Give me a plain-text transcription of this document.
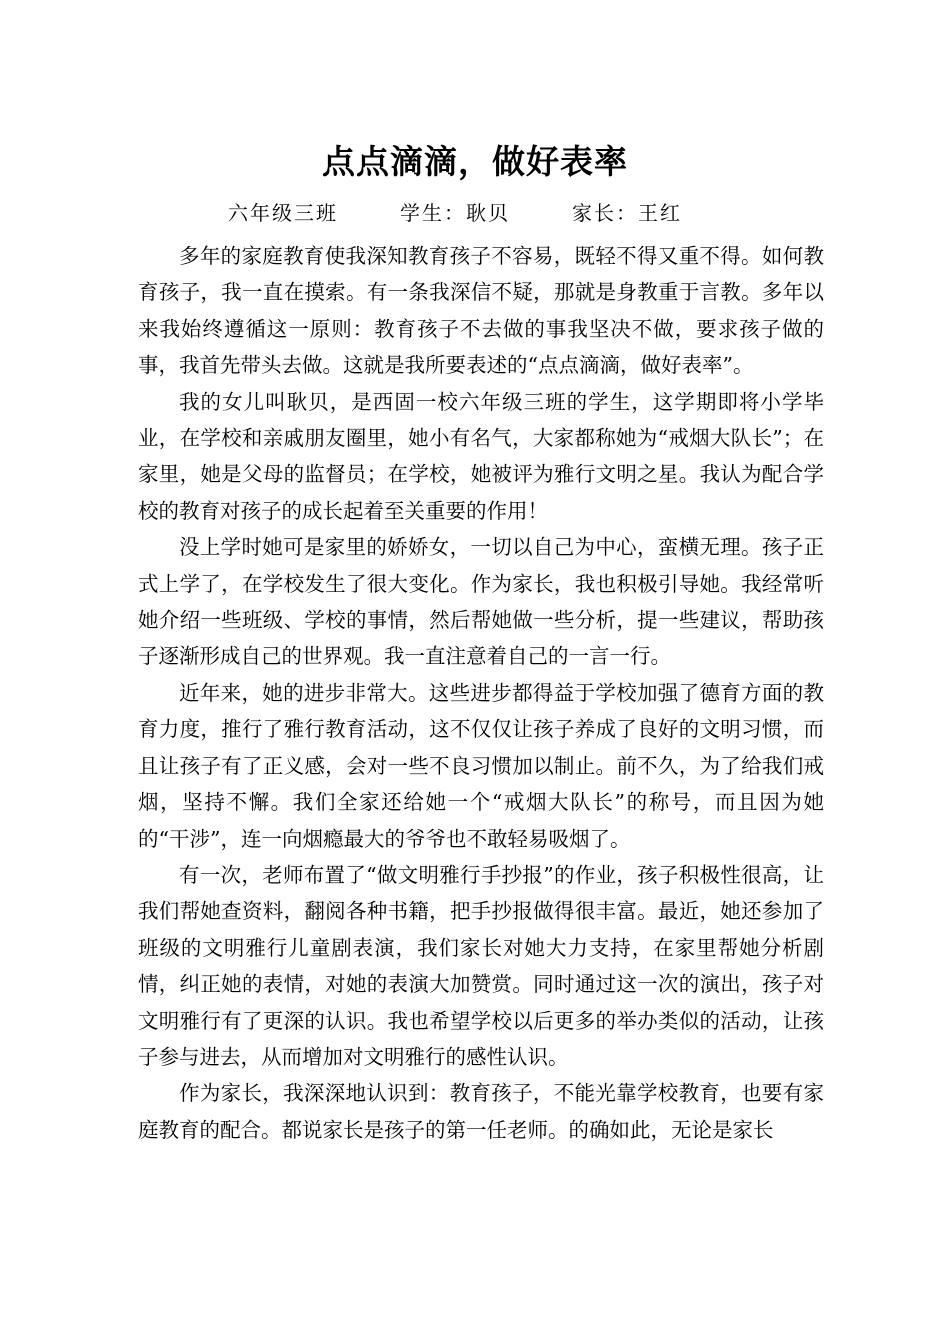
点点滴滴，做好表率
六年级三班	学生：耿贝	家长：王红

多年的家庭教育使我深知教育孩子不容易，既轻不得又重不得。如何教育孩子，我一直在摸索。有一条我深信不疑，那就是身教重于言教。多年以来我始终遵循这一原则：教育孩子不去做的事我坚决不做，要求孩子做的事，我首先带头去做。这就是我所要表述的“点点滴滴，做好表率”。

我的女儿叫耿贝，是西固一校六年级三班的学生，这学期即将小学毕业，在学校和亲戚朋友圈里，她小有名气，大家都称她为“戒烟大队长”；在家里，她是父母的监督员；在学校，她被评为雅行文明之星。我认为配合学校的教育对孩子的成长起着至关重要的作用！

没上学时她可是家里的娇娇女，一切以自己为中心，蛮横无理。孩子正式上学了，在学校发生了很大变化。作为家长，我也积极引导她。我经常听她介绍一些班级、学校的事情，然后帮她做一些分析，提一些建议，帮助孩子逐渐形成自己的世界观。我一直注意着自己的一言一行。

近年来，她的进步非常大。这些进步都得益于学校加强了德育方面的教育力度，推行了雅行教育活动，这不仅仅让孩子养成了良好的文明习惯，而且让孩子有了正义感，会对一些不良习惯加以制止。前不久，为了给我们戒烟，坚持不懈。我们全家还给她一个“戒烟大队长”的称号，而且因为她的“干涉”，连一向烟瘾最大的爷爷也不敢轻易吸烟了。

有一次，老师布置了“做文明雅行手抄报”的作业，孩子积极性很高，让我们帮她查资料，翻阅各种书籍，把手抄报做得很丰富。最近，她还参加了班级的文明雅行儿童剧表演，我们家长对她大力支持，在家里帮她分析剧情，纠正她的表情，对她的表演大加赞赏。同时通过这一次的演出，孩子对文明雅行有了更深的认识。我也希望学校以后更多的举办类似的活动，让孩子参与进去，从而增加对文明雅行的感性认识。

作为家长，我深深地认识到：教育孩子，不能光靠学校教育，也要有家庭教育的配合。都说家长是孩子的第一任老师。的确如此，无论是家长
